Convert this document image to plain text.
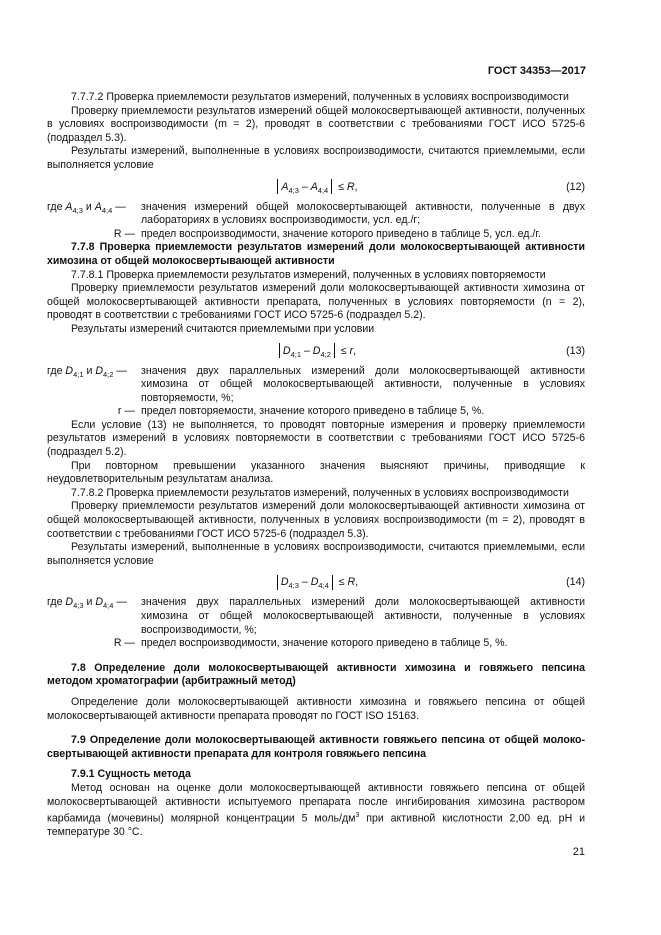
ГОСТ 34353—2017

7.7.7.2 Проверка приемлемости результатов измерений, полученных в условиях воспроизводимости

Проверку приемлемости результатов измерений общей молокосвертывающей активности, полученных в условиях воспроизводимости (m = 2), проводят в соответствии с требованиями ГОСТ ИСО 5725-6 (подраздел 5.3).

Результаты измерений, выполненные в условиях воспроизводимости, считаются приемлемыми, если выполняется условие

$A_{4;3} - A_{4;4} \le R$,	(12)
где $A_{4;3}$ и $A_{4;4}$ —	значения измерений общей молокосвертывающей активности, полученные в двух лабораториях в условиях воспроизводимости, усл. ед./г;
R — предел воспроизводимости, значение которого приведено в таблице 5, усл. ед./г.

7.7.8 Проверка приемлемости результатов измерений доли молокосвертывающей активности химозина от общей молокосвертывающей активности

7.7.8.1 Проверка приемлемости результатов измерений, полученных в условиях повторяемости

Проверку приемлемости результатов измерений доли молокосвертывающей активности химозина от общей молокосвертывающей активности препарата, полученных в условиях повторяемости (n = 2), проводят в соответствии с требованиями ГОСТ ИСО 5725-6 (подраздел 5.2).

Результаты измерений считаются приемлемыми при условии

$D_{4;1} - D_{4;2} \le r$,	(13)
где $D_{4;1}$ и $D_{4;2}$ —	значения двух параллельных измерений доли молокосвертывающей активности химозина от общей молокосвертывающей активности, полученные в условиях повторяемости, %;
r — предел повторяемости, значение которого приведено в таблице 5, %.

Если условие (13) не выполняется, то проводят повторные измерения и проверку приемлемости результатов измерений в условиях повторяемости в соответствии с требованиями ГОСТ ИСО 5725-6 (подраздел 5.2).

При повторном превышении указанного значения выясняют причины, приводящие к неудовлетворительным результатам анализа.

7.7.8.2 Проверка приемлемости результатов измерений, полученных в условиях воспроизводимости

Проверку приемлемости результатов измерений доли молокосвертывающей активности химозина от общей молокосвертывающей активности, полученных в условиях воспроизводимости (m = 2), проводят в соответствии с требованиями ГОСТ ИСО 5725-6 (подраздел 5.3).

Результаты измерений, выполненные в условиях воспроизводимости, считаются приемлемыми, если выполняется условие

$D_{4;3} - D_{4;4} \le R$,	(14)
где $D_{4;3}$ и $D_{4;4}$ —	значения двух параллельных измерений доли молокосвертывающей активности химозина от общей молокосвертывающей активности, полученные в условиях воспроизводимости, %;
R — предел воспроизводимости, значение которого приведено в таблице 5, %.

7.8 Определение доли молокосвертывающей активности химозина и говяжьего пепсина методом хроматографии (арбитражный метод)

Определение доли молокосвертывающей активности химозина и говяжьего пепсина от общей молокосвертывающей активности препарата проводят по ГОСТ ISO 15163.

7.9 Определение доли молокосвертывающей активности говяжьего пепсина от общей молоко-свертывающей активности препарата для контроля говяжьего пепсина

7.9.1 Сущность метода

Метод основан на оценке доли молокосвертывающей активности говяжьего пепсина от общей молокосвертывающей активности испытуемого препарата после ингибирования химозина раствором карбамида (мочевины) молярной концентрации 5 моль/$дм^3$ при активной кислотности 2,00 ед. pH и температуре 30 °С.

21
